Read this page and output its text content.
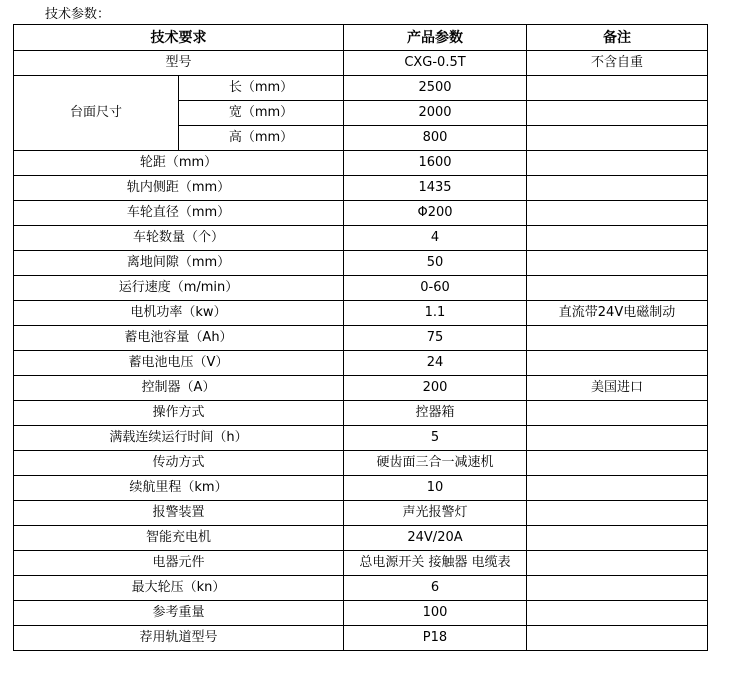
技术参数：
技术要求		产品参数	备注
型号		CXG-0.5T	不含自重
台面尺寸	长（mm）	2500	
	宽（mm）	2000	
	高（mm）	800	
轮距（mm）		1600	
轨内侧距（mm）		1435	
车轮直径（mm）		Φ200	
车轮数量（个）		4	
离地间隙（mm）		50	
运行速度（m/min）		0-60	
电机功率（kw）		1.1	直流带24V电磁制动
蓄电池容量（Ah）		75	
蓄电池电压（V）		24	
控制器（A）		200	美国进口
操作方式		控器箱	
满载连续运行时间（h）		5	
传动方式		硬齿面三合一减速机	
续航里程（km）		10	
报警装置		声光报警灯	
智能充电机		24V/20A	
电器元件		总电源开关 接触器 电缆表	
最大轮压（kn）		6	
参考重量		100	
荐用轨道型号		P18	
